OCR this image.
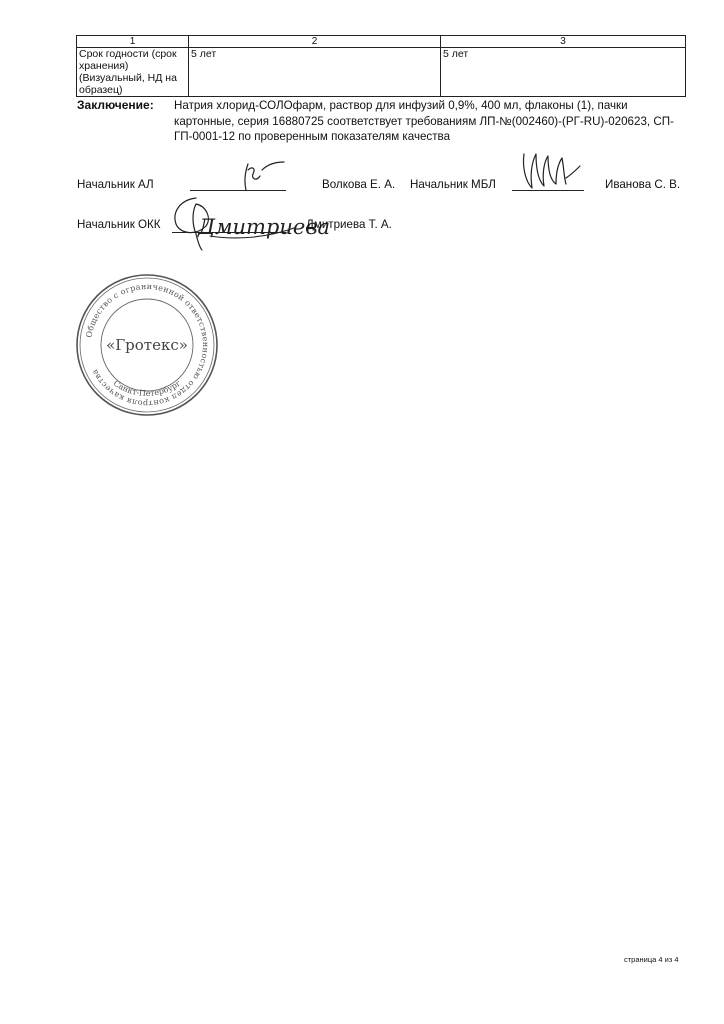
1	2	3
Срок годности (срок хранения) (Визуальный, НД на образец)	5 лет	5 лет
Заключение: Натрия хлорид-СОЛОфарм, раствор для инфузий 0,9%, 400 мл, флаконы (1), пачки картонные, серия 16880725 соответствует требованиям ЛП-№(002460)-(РГ-RU)-020623, СП-ГП-0001-12 по проверенным показателям качества
Начальник АЛ	Волкова Е. А. Начальник МБЛ	Иванова С. В.
Начальник ОКК Дмитриева
Дмитриева Т. А.
Общество с ограниченной ответственностью отдел контроля качества
Санкт-Петербург
«Гротекс»
страница 4 из 4
